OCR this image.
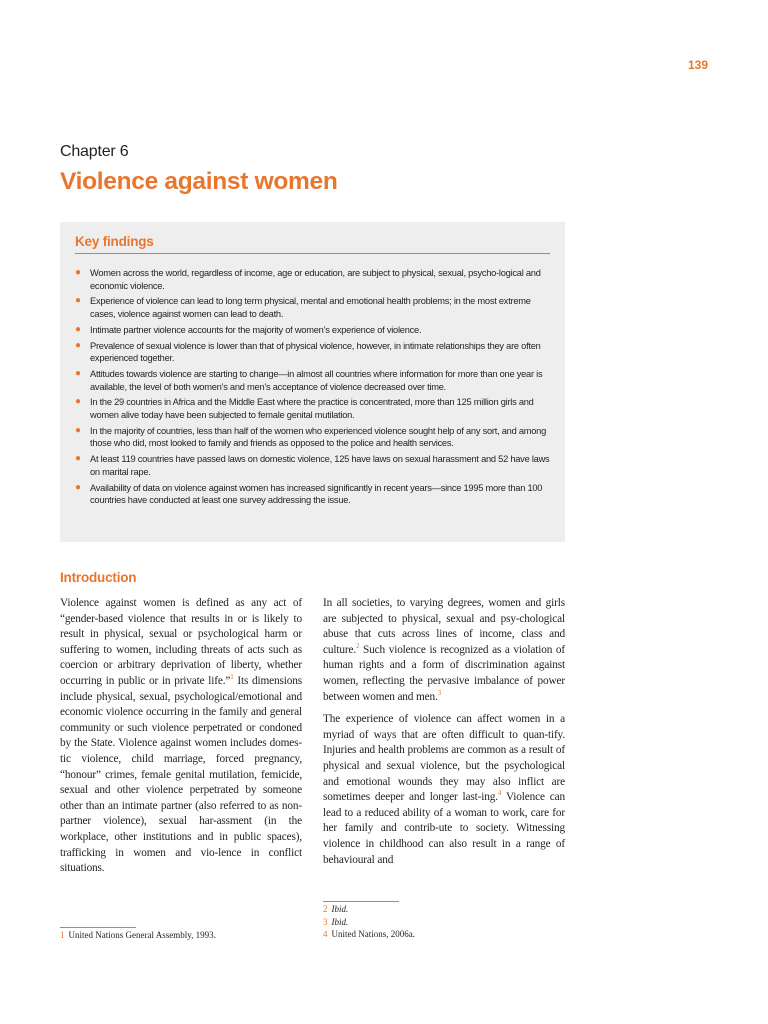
139
Chapter 6
Violence against women
Key findings
● Women across the world, regardless of income, age or education, are subject to physical, sexual, psycho-logical and economic violence.
● Experience of violence can lead to long term physical, mental and emotional health problems; in the most extreme cases, violence against women can lead to death.
● Intimate partner violence accounts for the majority of women’s experience of violence.
● Prevalence of sexual violence is lower than that of physical violence, however, in intimate relationships they are often experienced together.
● Attitudes towards violence are starting to change—in almost all countries where information for more than one year is available, the level of both women’s and men’s acceptance of violence decreased over time.
● In the 29 countries in Africa and the Middle East where the practice is concentrated, more than 125 million girls and women alive today have been subjected to female genital mutilation.
● In the majority of countries, less than half of the women who experienced violence sought help of any sort, and among those who did, most looked to family and friends as opposed to the police and health services.
● At least 119 countries have passed laws on domestic violence, 125 have laws on sexual harassment and 52 have laws on marital rape.
● Availability of data on violence against women has increased significantly in recent years—since 1995 more than 100 countries have conducted at least one survey addressing the issue.
Introduction

Violence against women is defined as any act of “gender-based violence that results in or is likely to result in physical, sexual or psychological harm or suffering to women, including threats of acts such as coercion or arbitrary deprivation of liberty, whether occurring in public or in private life.”$^1$ Its dimensions include physical, sexual, psychological/emotional and economic violence occurring in the family and general community or such violence perpetrated or condoned by the State. Violence against women includes domes-tic violence, child marriage, forced pregnancy, “honour” crimes, female genital mutilation, femicide, sexual and other violence perpetrated by someone other than an intimate partner (also referred to as non-partner violence), sexual har-assment (in the workplace, other institutions and in public spaces), trafficking in women and vio-lence in conflict situations.

In all societies, to varying degrees, women and girls are subjected to physical, sexual and psy-chological abuse that cuts across lines of income, class and culture.$^2$ Such violence is recognized as a violation of human rights and a form of discrimination against women, reflecting the pervasive imbalance of power between women and men.$^3$

The experience of violence can affect women in a myriad of ways that are often difficult to quan-tify. Injuries and health problems are common as a result of physical and sexual violence, but the psychological and emotional wounds they may also inflict are sometimes deeper and longer last-ing.$^4$ Violence can lead to a reduced ability of a woman to work, care for her family and contrib-ute to society. Witnessing violence in childhood can also result in a range of behavioural and

1 United Nations General Assembly, 1993.
2 Ibid.
3 Ibid.
4 United Nations, 2006a.
